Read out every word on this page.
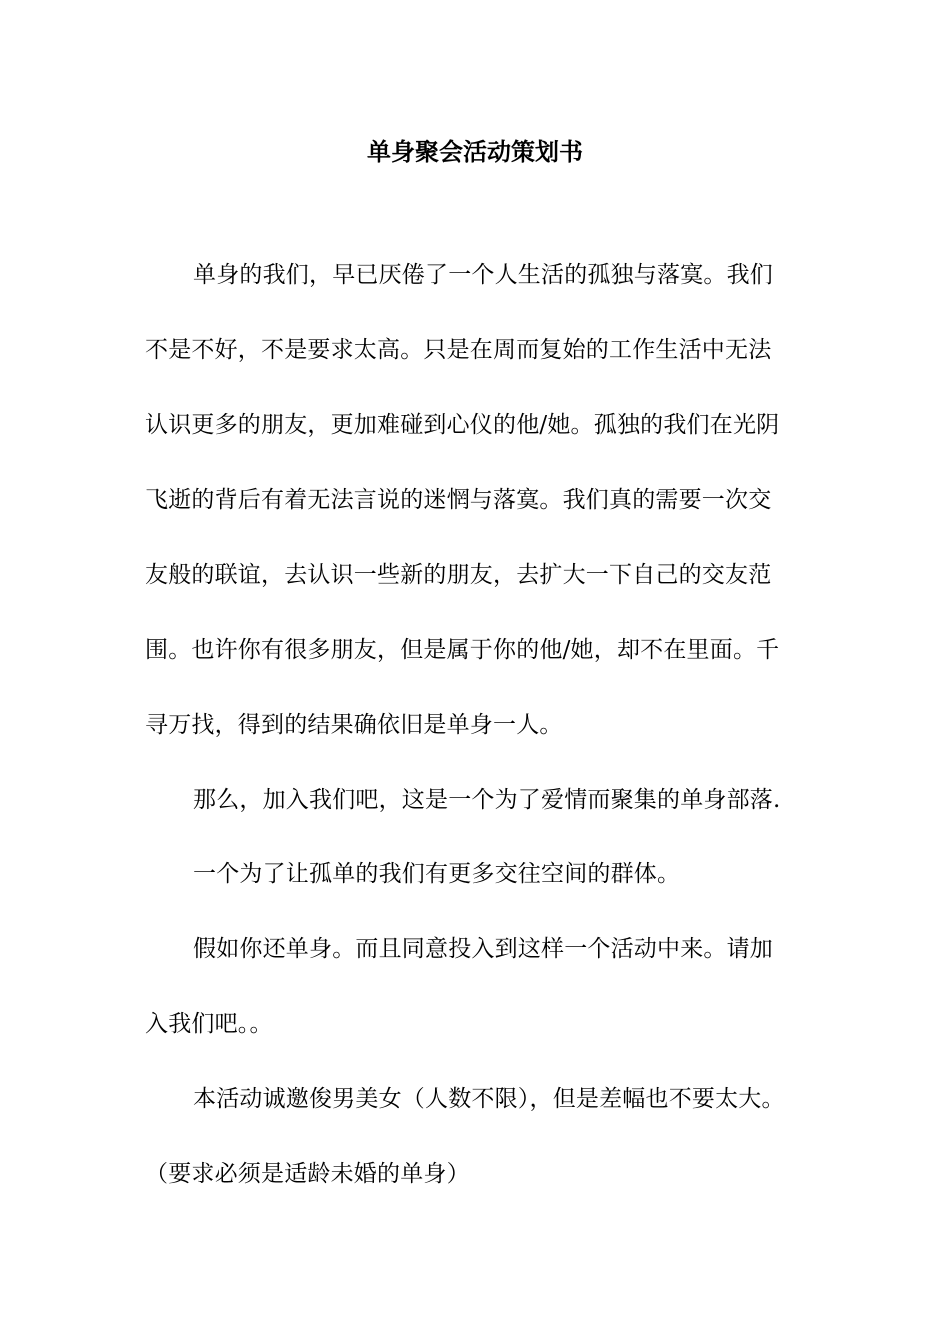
单身聚会活动策划书

单身的我们，早已厌倦了一个人生活的孤独与落寞。我们

不是不好，不是要求太高。只是在周而复始的工作生活中无法

认识更多的朋友，更加难碰到心仪的他/她。孤独的我们在光阴

飞逝的背后有着无法言说的迷惘与落寞。我们真的需要一次交

友般的联谊，去认识一些新的朋友，去扩大一下自己的交友范

围。也许你有很多朋友，但是属于你的他/她，却不在里面。千

寻万找，得到的结果确依旧是单身一人。

那么，加入我们吧，这是一个为了爱情而聚集的单身部落.

一个为了让孤单的我们有更多交往空间的群体。

假如你还单身。而且同意投入到这样一个活动中来。请加

入我们吧。。

本活动诚邀俊男美女（人数不限），但是差幅也不要太大。

（要求必须是适龄未婚的单身）
